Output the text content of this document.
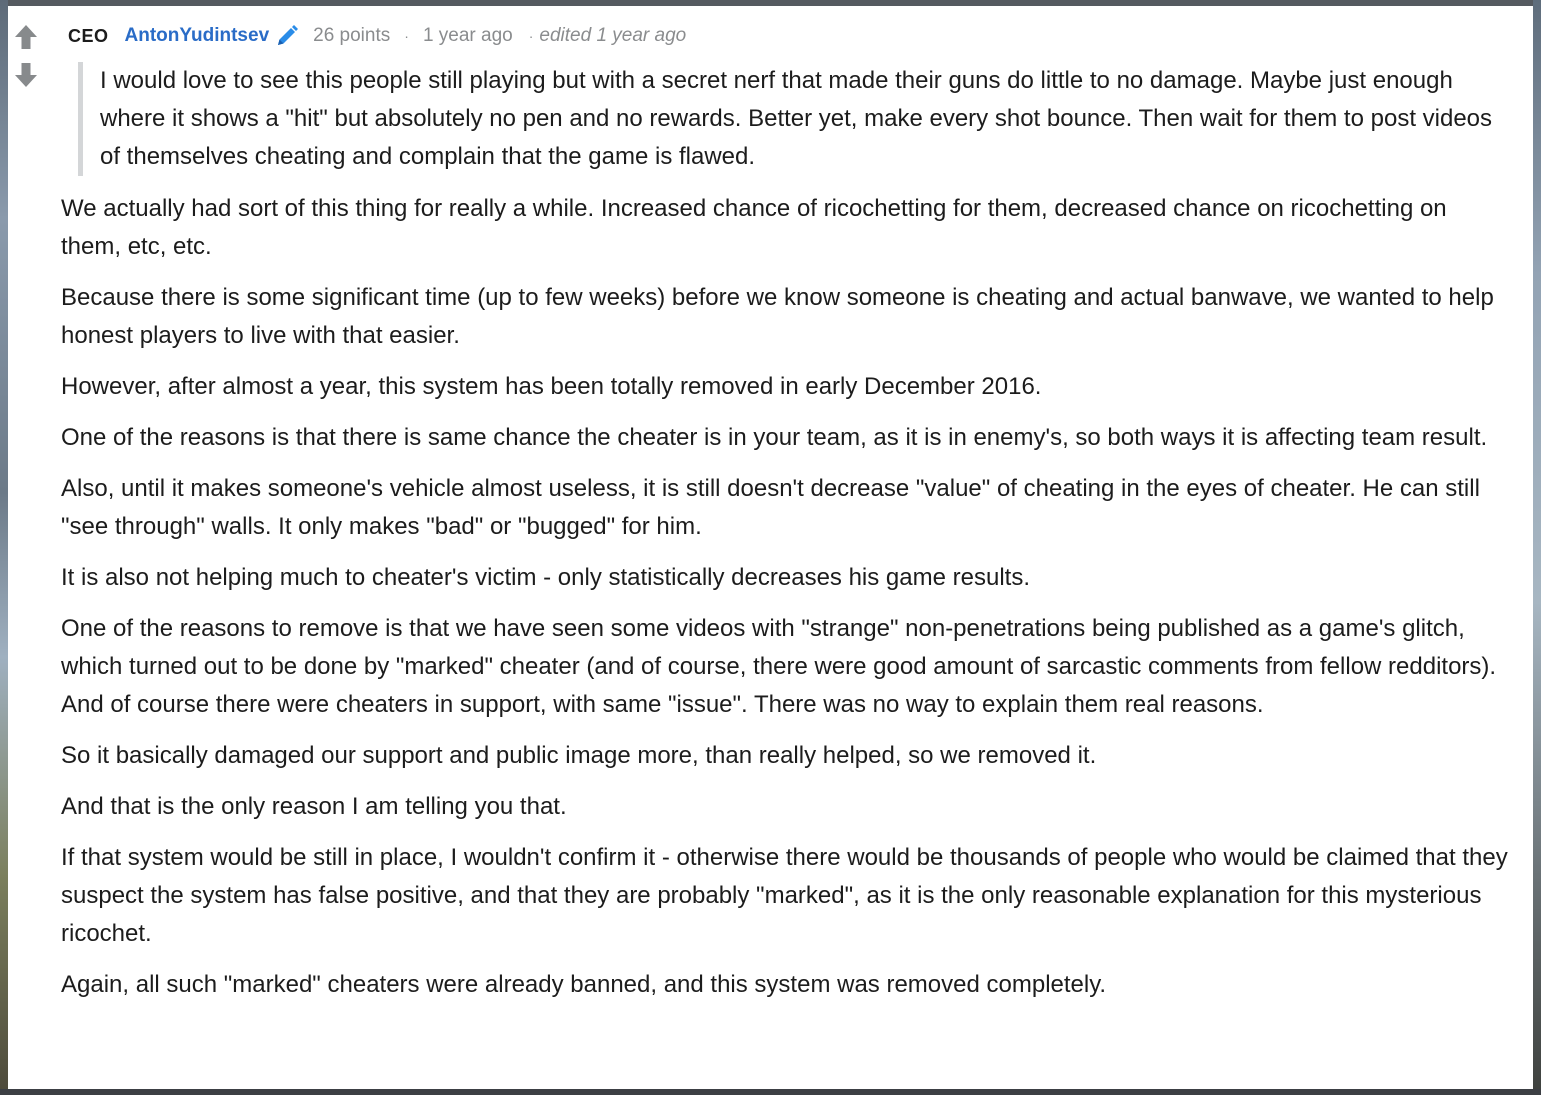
CEO AntonYudintsev 26 points · 1 year ago · edited 1 year ago
I would love to see this people still playing but with a secret nerf that made their guns do little to no damage. Maybe just enough where it shows a "hit" but absolutely no pen and no rewards. Better yet, make every shot bounce. Then wait for them to post videos of themselves cheating and complain that the game is flawed.

We actually had sort of this thing for really a while. Increased chance of ricochetting for them, decreased chance on ricochetting on them, etc, etc.

Because there is some significant time (up to few weeks) before we know someone is cheating and actual banwave, we wanted to help honest players to live with that easier.

However, after almost a year, this system has been totally removed in early December 2016.

One of the reasons is that there is same chance the cheater is in your team, as it is in enemy's, so both ways it is affecting team result.

Also, until it makes someone's vehicle almost useless, it is still doesn't decrease "value" of cheating in the eyes of cheater. He can still "see through" walls. It only makes "bad" or "bugged" for him.

It is also not helping much to cheater's victim - only statistically decreases his game results.

One of the reasons to remove is that we have seen some videos with "strange" non-penetrations being published as a game's glitch, which turned out to be done by "marked" cheater (and of course, there were good amount of sarcastic comments from fellow redditors). And of course there were cheaters in support, with same "issue". There was no way to explain them real reasons.

So it basically damaged our support and public image more, than really helped, so we removed it.

And that is the only reason I am telling you that.

If that system would be still in place, I wouldn't confirm it - otherwise there would be thousands of people who would be claimed that they suspect the system has false positive, and that they are probably "marked", as it is the only reasonable explanation for this mysterious ricochet.

Again, all such "marked" cheaters were already banned, and this system was removed completely.
